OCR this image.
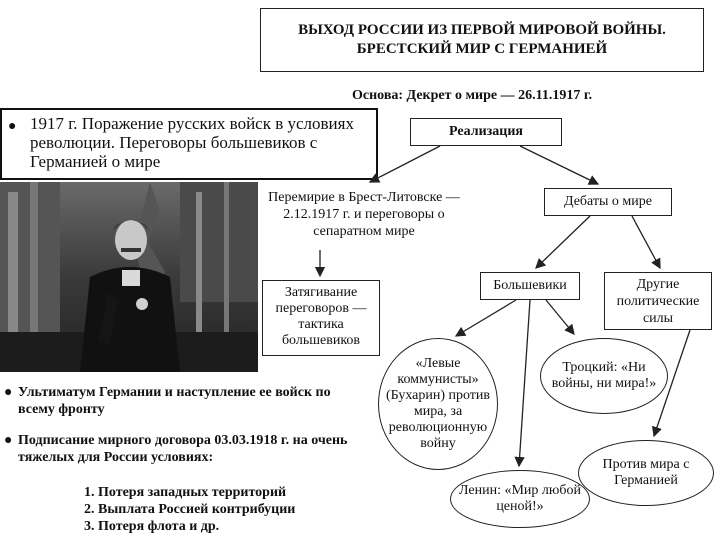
ВЫХОД РОССИИ ИЗ ПЕРВОЙ МИРОВОЙ ВОЙНЫ.
БРЕСТСКИЙ МИР С ГЕРМАНИЕЙ
Основа: Декрет о мире — 26.11.1917 г.
● 1917 г. Поражение русских войск в условиях революции. Переговоры большевиков с Германией о мире
Реализация
Перемирие в Брест-Литовске — 2.12.1917 г. и переговоры о сепаратном мире
Дебаты о мире
Затягивание переговоров — тактика большевиков
Большевики	Другие политические силы
«Левые коммунисты» (Бухарин) против мира, за революционную войну
Троцкий: «Ни войны, ни мира!»
Ленин: «Мир любой ценой!»
Против мира с Германией
● Ультиматум Германии и наступление ее войск по всему фронту
● Подписание мирного договора 03.03.1918 г. на очень тяжелых для России условиях:
1. Потеря западных территорий
2. Выплата Россией контрибуции
3. Потеря флота и др.
